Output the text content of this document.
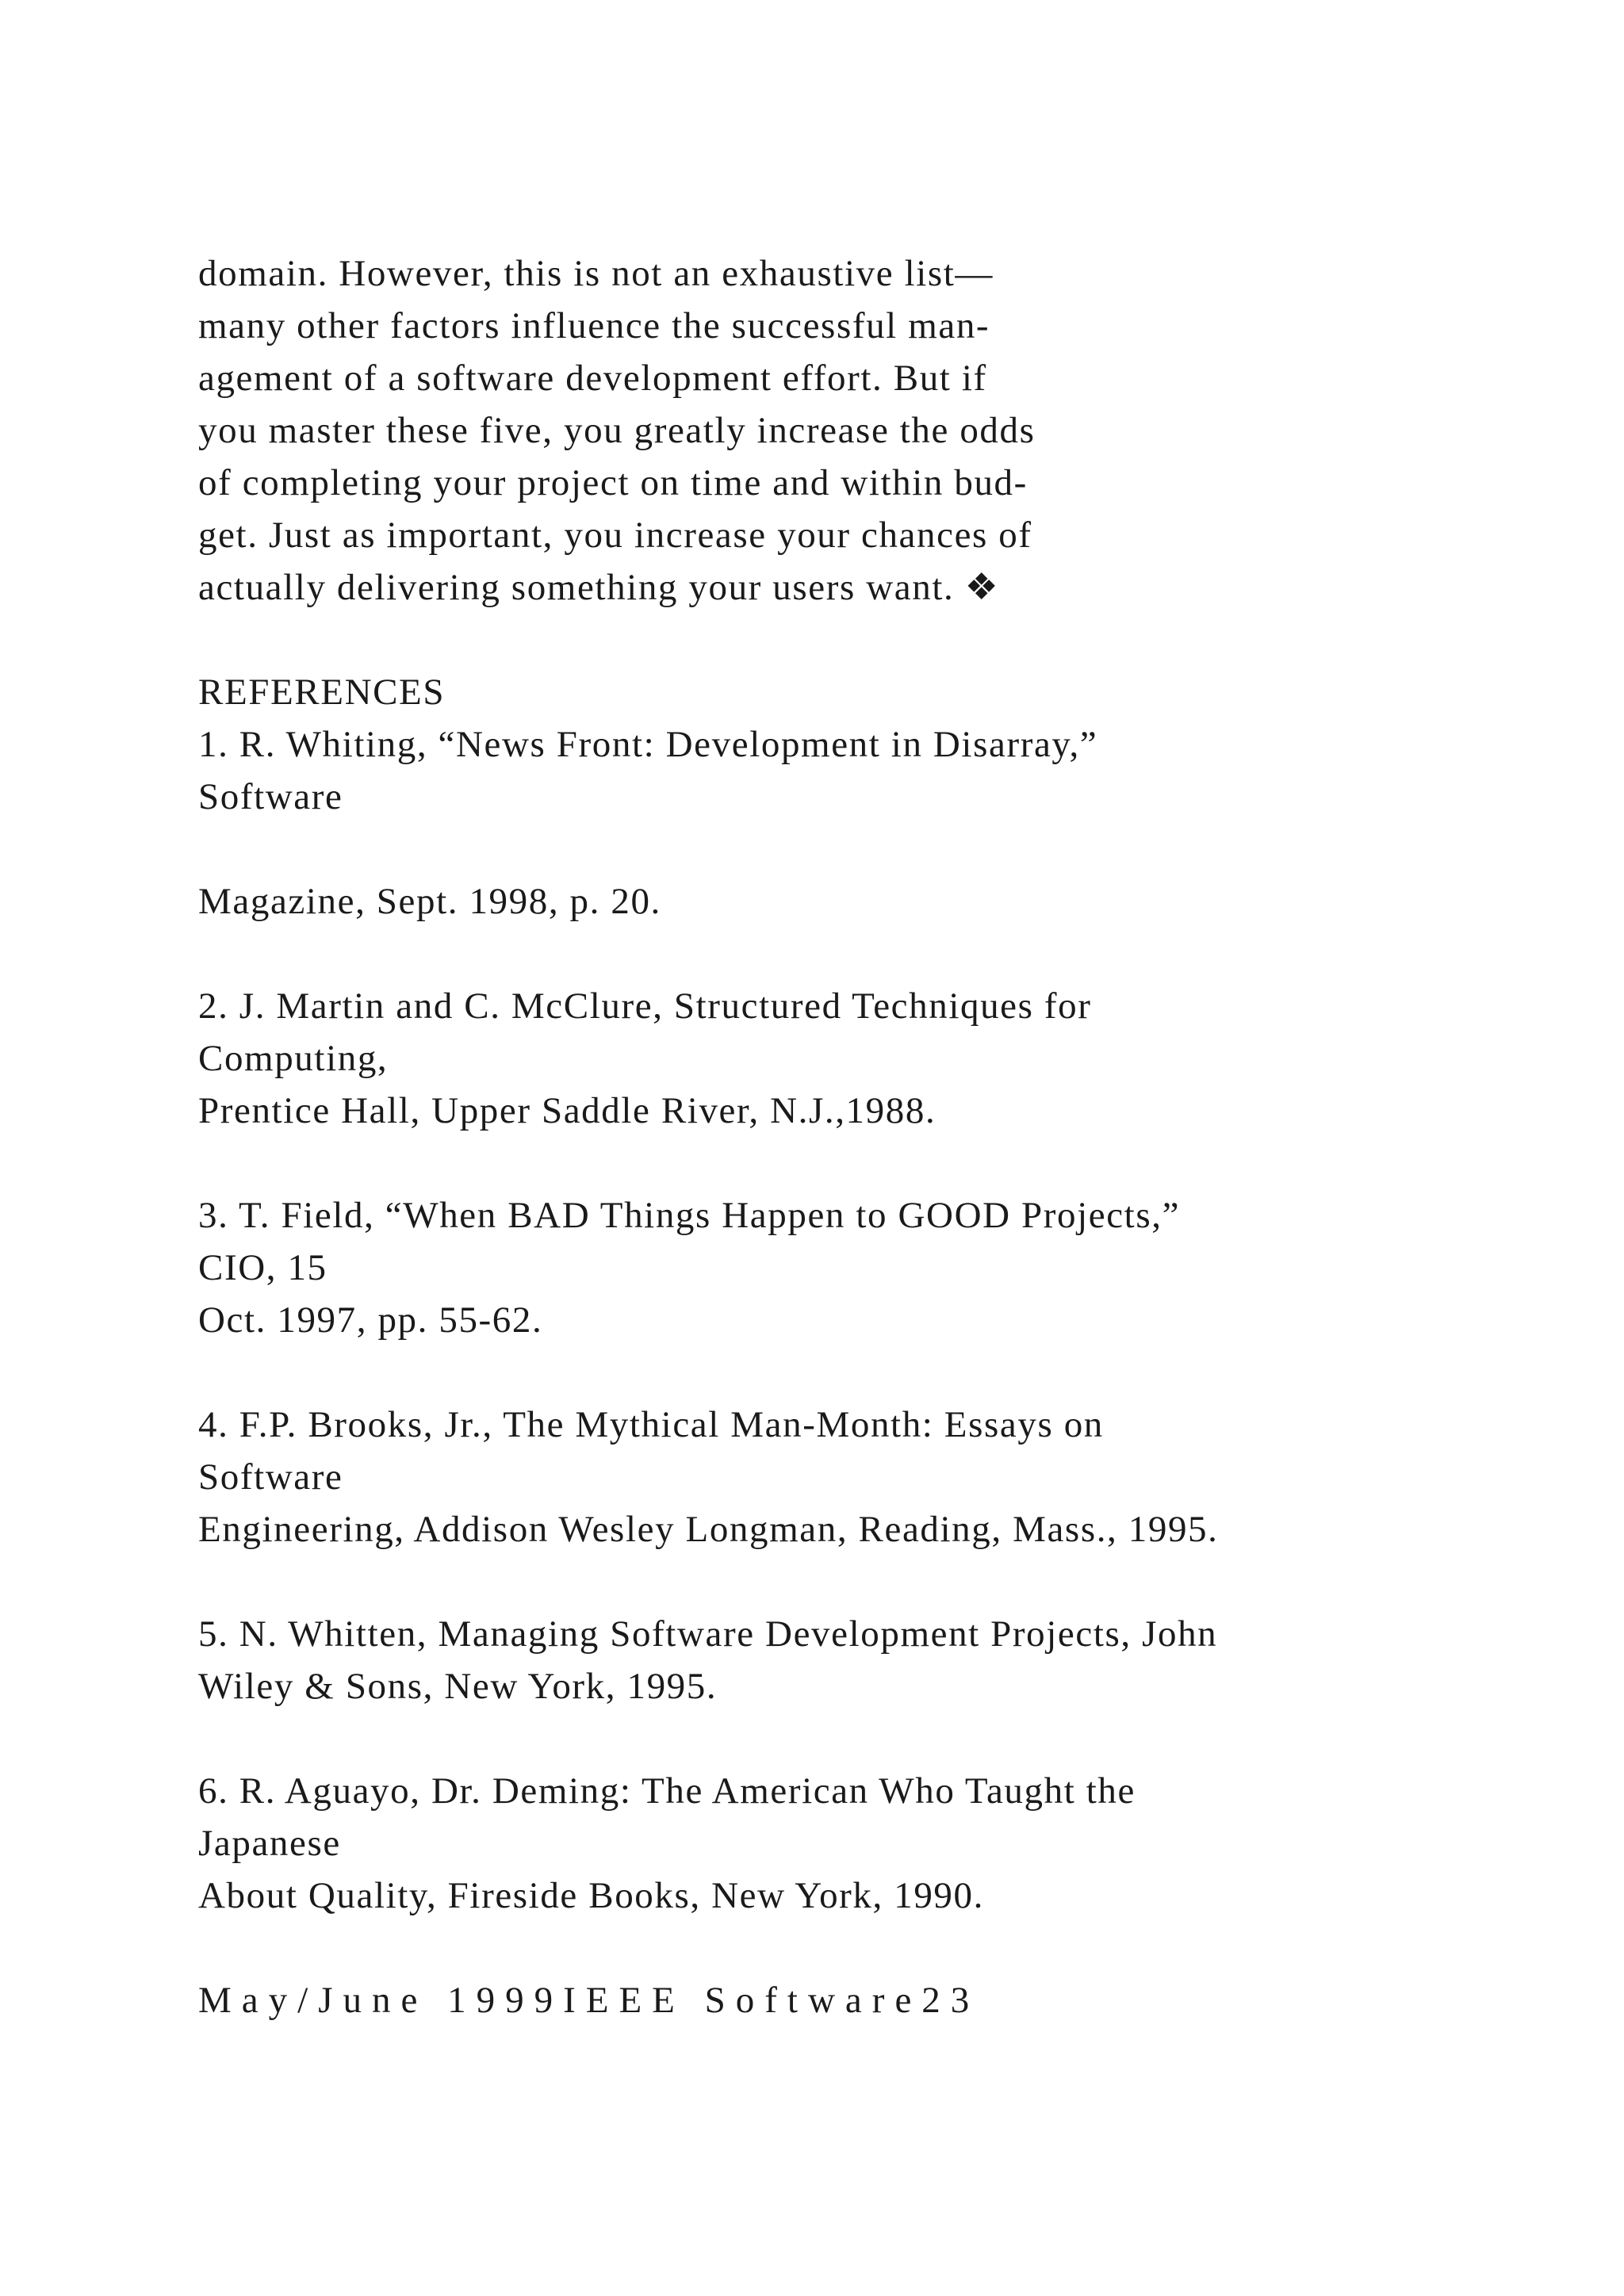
domain. However, this is not an exhaustive list—
many other factors influence the successful man-
agement of a software development effort. But if
you master these five, you greatly increase the odds
of completing your project on time and within bud-
get. Just as important, you increase your chances of
actually delivering something your users want. ❖
REFERENCES
1. R. Whiting, “News Front: Development in Disarray,”
Software
Magazine, Sept. 1998, p. 20.
2. J. Martin and C. McClure, Structured Techniques for
Computing,
Prentice Hall, Upper Saddle River, N.J.,1988.
3. T. Field, “When BAD Things Happen to GOOD Projects,”
CIO, 15
Oct. 1997, pp. 55-62.
4. F.P. Brooks, Jr., The Mythical Man-Month: Essays on
Software
Engineering, Addison Wesley Longman, Reading, Mass., 1995.
5. N. Whitten, Managing Software Development Projects, John
Wiley & Sons, New York, 1995.
6. R. Aguayo, Dr. Deming: The American Who Taught the
Japanese
About Quality, Fireside Books, New York, 1990.
May/June 1999IEEE Software23
